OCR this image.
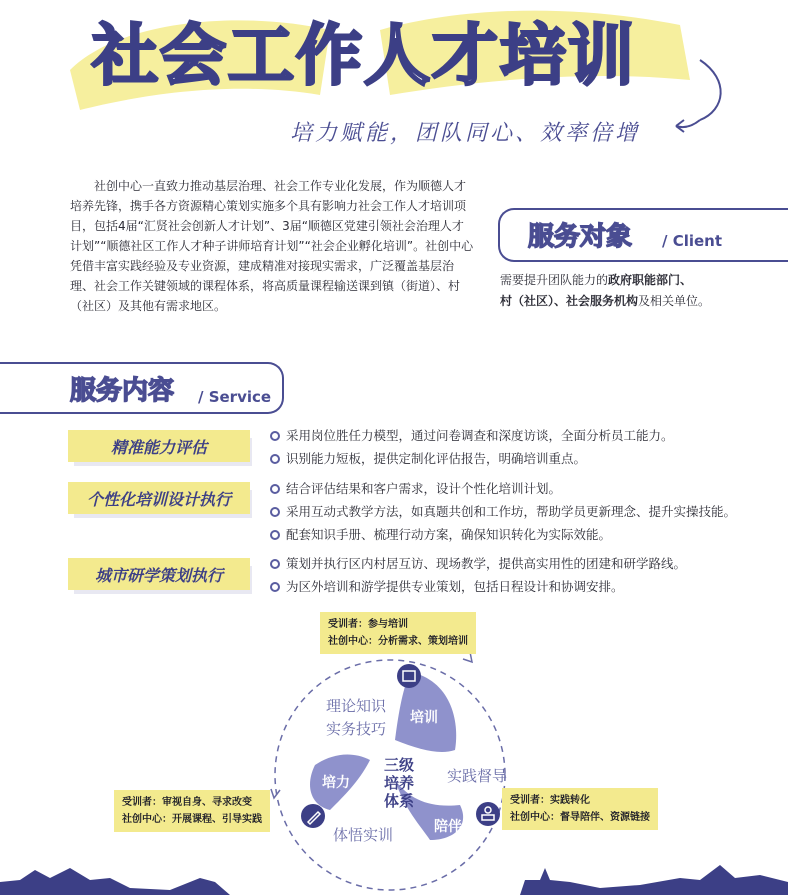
社会工作人才培训
培力赋能，团队同心、效率倍增
社创中心一直致力推动基层治理、社会工作专业化发展，作为顺德人才培养先锋，携手各方资源精心策划实施多个具有影响力社会工作人才培训项目，包括4届“汇贤社会创新人才计划”、3届“顺德区党建引领社会治理人才计划”“顺德社区工作人才种子讲师培育计划”“社会企业孵化培训”。社创中心凭借丰富实践经验及专业资源，建成精准对接现实需求，广泛覆盖基层治理、社会工作关键领域的课程体系，将高质量课程输送课到镇（街道）、村（社区）及其他有需求地区。
服务对象 / Client
需要提升团队能力的政府职能部门、
村（社区）、社会服务机构及相关单位。
服务内容 / Service
精准能力评估
采用岗位胜任力模型，通过问卷调查和深度访谈，全面分析员工能力。
识别能力短板，提供定制化评估报告，明确培训重点。
个性化培训设计执行
结合评估结果和客户需求，设计个性化培训计划。
采用互动式教学方法，如真题共创和工作坊，帮助学员更新理念、提升实操技能。
配套知识手册、梳理行动方案，确保知识转化为实际效能。
城市研学策划执行
策划并执行区内村居互访、现场教学，提供高实用性的团建和研学路线。
为区外培训和游学提供专业策划，包括日程设计和协调安排。
培训
陪伴
培力
三级
培养
体系
理论知识
实务技巧
实践督导
体悟实训
受训者：参与培训
社创中心：分析需求、策划培训
受训者：实践转化
社创中心：督导陪伴、资源链接
受训者：审视自身、寻求改变
社创中心：开展课程、引导实践
